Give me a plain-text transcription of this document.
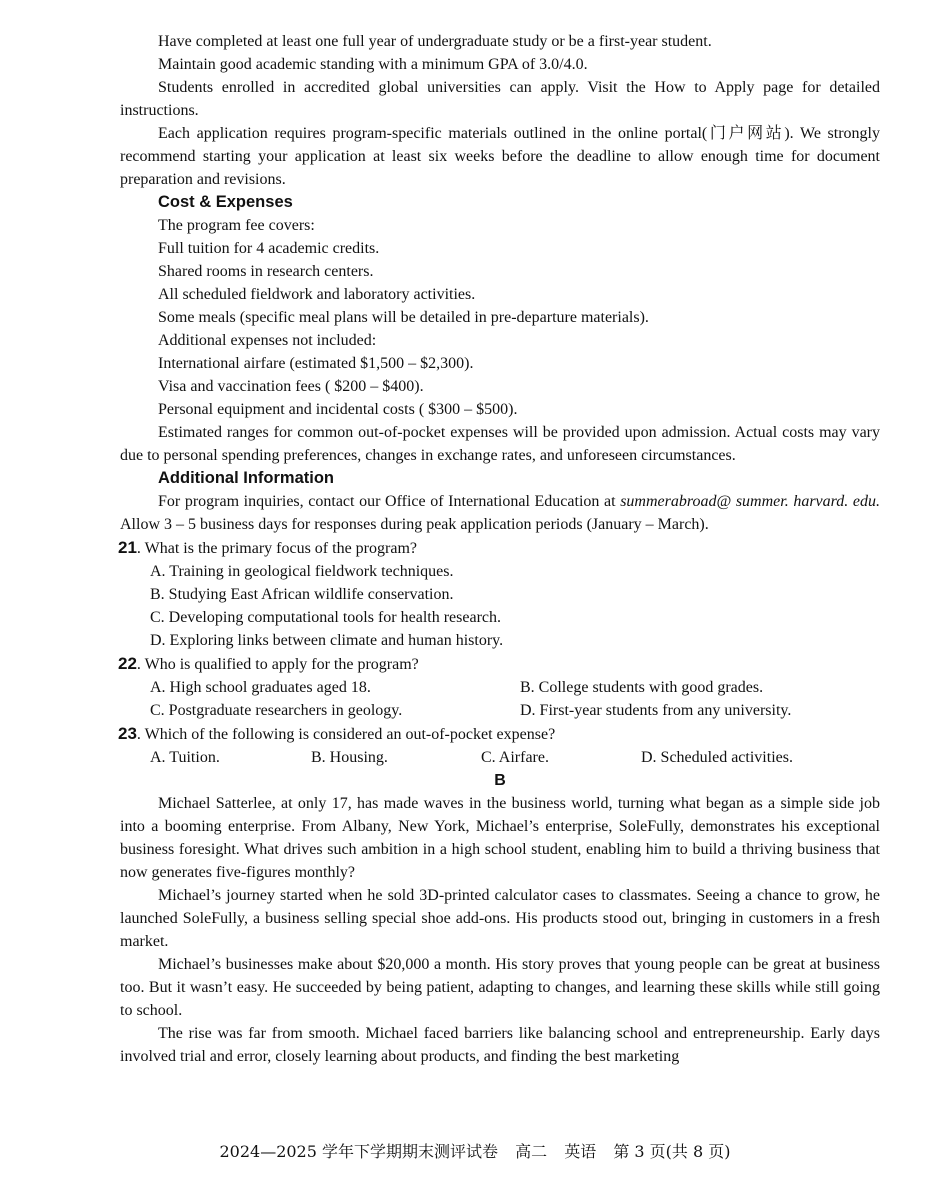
Have completed at least one full year of undergraduate study or be a first-year student.

Maintain good academic standing with a minimum GPA of 3.0/4.0.

Students enrolled in accredited global universities can apply. Visit the How to Apply page for detailed instructions.

Each application requires program-specific materials outlined in the online portal(门户网站). We strongly recommend starting your application at least six weeks before the deadline to allow enough time for document preparation and revisions.

Cost & Expenses

The program fee covers:

Full tuition for 4 academic credits.

Shared rooms in research centers.

All scheduled fieldwork and laboratory activities.

Some meals (specific meal plans will be detailed in pre-departure materials).

Additional expenses not included:

International airfare (estimated $1,500 – $2,300).

Visa and vaccination fees ( $200 – $400).

Personal equipment and incidental costs ( $300 – $500).

Estimated ranges for common out-of-pocket expenses will be provided upon admission. Actual costs may vary due to personal spending preferences, changes in exchange rates, and unforeseen circumstances.

Additional Information

For program inquiries, contact our Office of International Education at summerabroad@ summer. harvard. edu. Allow 3 – 5 business days for responses during peak application periods (January – March).

21. What is the primary focus of the program?

A. Training in geological fieldwork techniques.

B. Studying East African wildlife conservation.

C. Developing computational tools for health research.

D. Exploring links between climate and human history.

22. Who is qualified to apply for the program?

A. High school graduates aged 18.	B. College students with good grades.
C. Postgraduate researchers in geology.	D. First-year students from any university.

23. Which of the following is considered an out-of-pocket expense?

A. Tuition.	B. Housing.	C. Airfare.	D. Scheduled activities.

B

Michael Satterlee, at only 17, has made waves in the business world, turning what began as a simple side job into a booming enterprise. From Albany, New York, Michael’s enterprise, SoleFully, demonstrates his exceptional business foresight. What drives such ambition in a high school student, enabling him to build a thriving business that now generates five-figures monthly?

Michael’s journey started when he sold 3D-printed calculator cases to classmates. Seeing a chance to grow, he launched SoleFully, a business selling special shoe add-ons. His products stood out, bringing in customers in a fresh market.

Michael’s businesses make about $20,000 a month. His story proves that young people can be great at business too. But it wasn’t easy. He succeeded by being patient, adapting to changes, and learning these skills while still going to school.

The rise was far from smooth. Michael faced barriers like balancing school and entrepreneurship. Early days involved trial and error, closely learning about products, and finding the best marketing

2024—2025 学年下学期期末测评试卷 高二 英语 第 3 页(共 8 页)
